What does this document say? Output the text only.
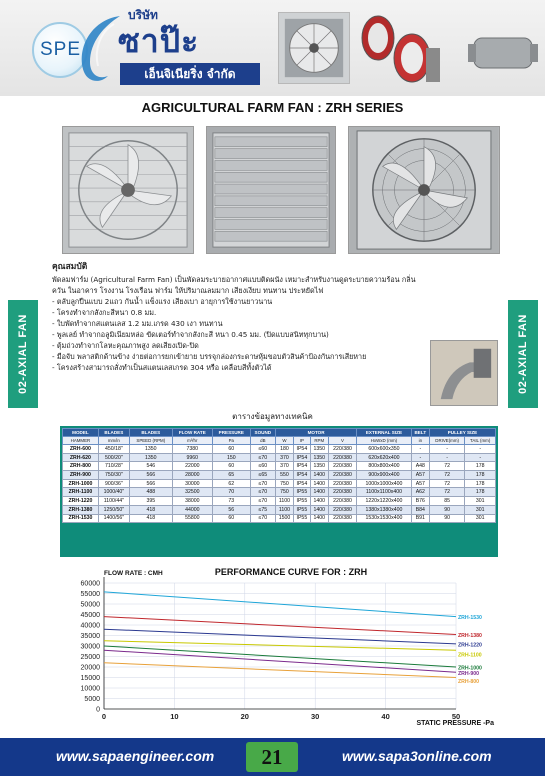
SPE
บริษัท
ซาป๊ะ
เอ็นจิเนียริ่ง จำกัด
02-AXIAL FAN	02-AXIAL FAN
AGRICULTURAL FARM FAN : ZRH SERIES

คุณสมบัติ

พัดลมฟาร์ม (Agricultural Farm Fan) เป็นพัดลมระบายอากาศแบบติดผนัง เหมาะสำหรับงานดูดระบายความร้อน กลิ่น

ควัน ในอาคาร โรงงาน โรงเรือน ฟาร์ม ให้ปริมาณลมมาก เสียงเงียบ ทนทาน ประหยัดไฟ

- ตลับลูกปืนแบบ 2แถว กันน้ำ แข็งแรง เสียงเบา อายุการใช้งานยาวนาน

- โครงทำจากสังกะสีหนา 0.8 มม.

- ใบพัดทำจากสแตนเลส 1.2 มม.เกรด 430 เงา ทนทาน

- พูลเลย์ ทำจากอลูมิเนียมหล่อ ขัดเตอร์ทำจากสังกะสี หนา 0.45 มม. (ปิดแบบสนิททุกบาน)

- ตุ้มถ่วงทำจากโลหะคุณภาพสูง ลดเสียงเปิด-ปิด

- มือจับ พลาสติกด้านข้าง ง่ายต่อการยกเข้ายาย บรรจุกล่องกระดาษหุ้มขอบตัวสินค้าป้องกันการเสียหาย

- โครงสร้างสามารถสั่งทำเป็นสแตนเลสเกรด 304 หรือ เคลือบสีทั้งตัวได้

ตารางข้อมูลทางเทคนิค
MODEL	BLADES	BLADES	FLOW RATE	PRESSURE	SOUND	MOTOR				EXTERNAL SIZE	BELT	PULLEY SIZE	
HAMMER	mm/in	SPEED (RPM)	m³/hr	Pa	dB	W	IP	RPM	V	HxWxD (mm)	in	DRIVE(mm)	TAIL (mm)
ZRH-600	450/18"	1350	7380	60	≤60	180	IP54	1350	220/380	600x600x350	-	-	-
ZRH-620	500/20"	1350	9960	150	≤70	370	IP54	1350	220/380	620x620x400	-	-	-
ZRH-800	710/28"	546	22000	60	≤60	370	IP54	1350	220/380	800x800x400	A48	72	178
ZRH-900	750/30"	566	28000	65	≤65	550	IP54	1400	220/380	900x900x400	A57	72	178
ZRH-1000	900/36"	566	30000	62	≤70	750	IP54	1400	220/380	1000x1000x400	A57	72	178
ZRH-1100	1000/40"	488	32500	70	≤70	750	IP55	1400	220/380	1100x1100x400	A62	72	178
ZRH-1220	1100/44"	395	38000	73	≤70	1100	IP55	1400	220/380	1220x1220x400	B76	85	301
ZRH-1380	1250/50"	418	44000	56	≤75	1100	IP55	1400	220/380	1380x1380x400	B84	90	301
ZRH-1530	1400/56"	418	55800	60	≤70	1500	IP55	1400	220/380	1530x1530x400	B91	90	301
0
5000
10000
15000
20000
25000
30000
35000
40000
45000
50000
55000
60000
0	10	20	30	40	50
PERFORMANCE CURVE FOR : ZRH
FLOW RATE : CMH
STATIC PRESSURE -Pa
ZRH-1530
ZRH-1380
ZRH-1220
ZRH-1100
ZRH-1000
ZRH-900
ZRH-800
www.sapaengineer.com	21	www.sapa3online.com
